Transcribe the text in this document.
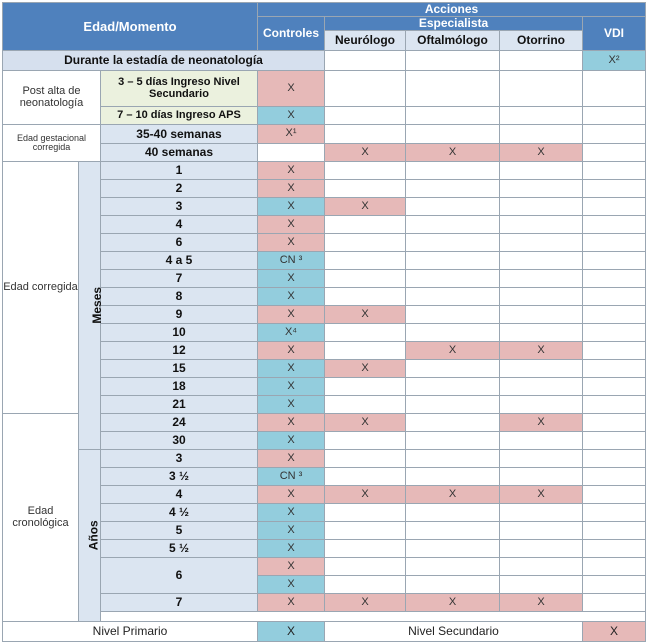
Edad/Momento			Acciones				
			Controles	Especialista			VDI
				Neurólogo	Oftalmólogo	Otorrino	
Durante la estadía de neonatología							X²
Post alta de neonatología		3 – 5 días Ingreso Nivel Secundario	X				
		7 – 10 días Ingreso APS	X				
Edad gestacional corregida		35-40 semanas	X¹				
		40 semanas		X	X	X	
Edad corregida	Meses	1	X				
		2	X				
		3	X	X			
		4	X				
		6	X				
		4 a 5	CN ³				
		7	X				
		8	X				
		9	X	X			
		10	X⁴				
		12	X		X	X	
		15	X	X			
		18	X				
		21	X				
Edad cronológica		24	X	X		X	
		30	X				
	Años	3	X				
		3 ½	CN ³				
		4	X	X	X	X	
		4 ½	X				
		5	X				
		5 ½	X				
		6	X				
			X				
		7	X	X	X	X	

Nivel Primario			X	Nivel Secundario			X
